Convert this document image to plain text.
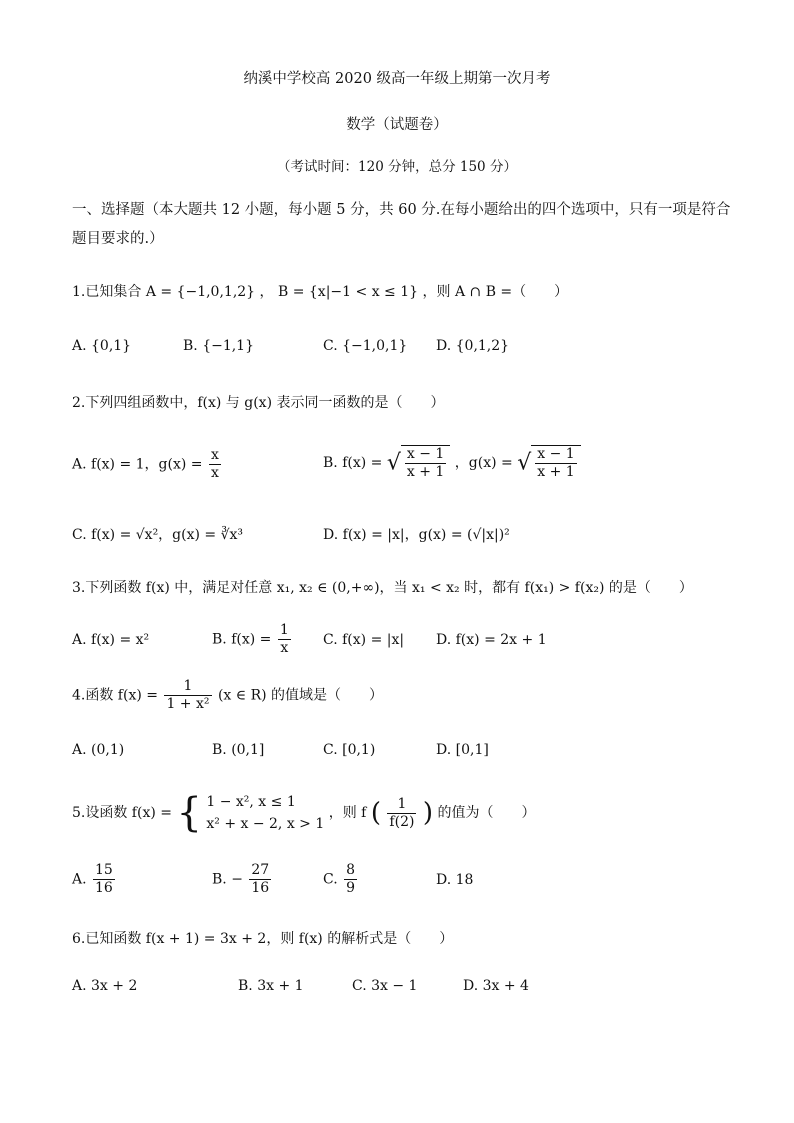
纳溪中学校高 2020 级高一年级上期第一次月考
数学（试题卷）
（考试时间：120 分钟，总分 150 分）
一、选择题（本大题共 12 小题，每小题 5 分，共 60 分.在每小题给出的四个选项中，只有一项是符合题目要求的.）
1.已知集合 A = {−1,0,1,2} ， B = {x|−1 < x ≤ 1} ，则 A ∩ B =（　　）
A. {0,1}	B. {−1,1}	C. {−1,0,1} D. {0,1,2}
2.下列四组函数中，f(x) 与 g(x) 表示同一函数的是（　　）
A. f(x) = 1，$g(x) = \frac{x}{x}$	B. f(x) = √ $\frac{x - 1}{x + 1}$ ，g(x) = √ $\frac{x - 1}{x + 1}$
C. f(x) = √x²，g(x) = ∛x³	D. f(x) = |x|，g(x) = (√|x|)²
3.下列函数 f(x) 中，满足对任意 x₁, x₂ ∈ (0,+∞)，当 x₁ < x₂ 时，都有 f(x₁) > f(x₂) 的是（　　）
A. f(x) = x²	B. $f(x) = \frac{1}{x} C$. f(x) = |x| D. f(x) = 2x + 1
4.函数 $f(x) = \frac{1}{\text{1 + x²}} (x$ ∈ R) 的值域是（　　）
A. (0,1)	B. (0,1]	C. [0,1)	D. [0,1]
5.设函数 f(x) = { 1 − x², x ≤ 1
x² + x − 2, x > 1
，则 f ( $\frac{1}{f(2)}$ ) 的值为（　　）
A. $\frac{15}{16}$	B. − $\frac{27}{16}$	C. $\frac{8}{9}$	D. 18
6.已知函数 f(x + 1) = 3x + 2，则 f(x) 的解析式是（　　）
A. 3x + 2	B. 3x + 1	C. 3x − 1	D. 3x + 4
